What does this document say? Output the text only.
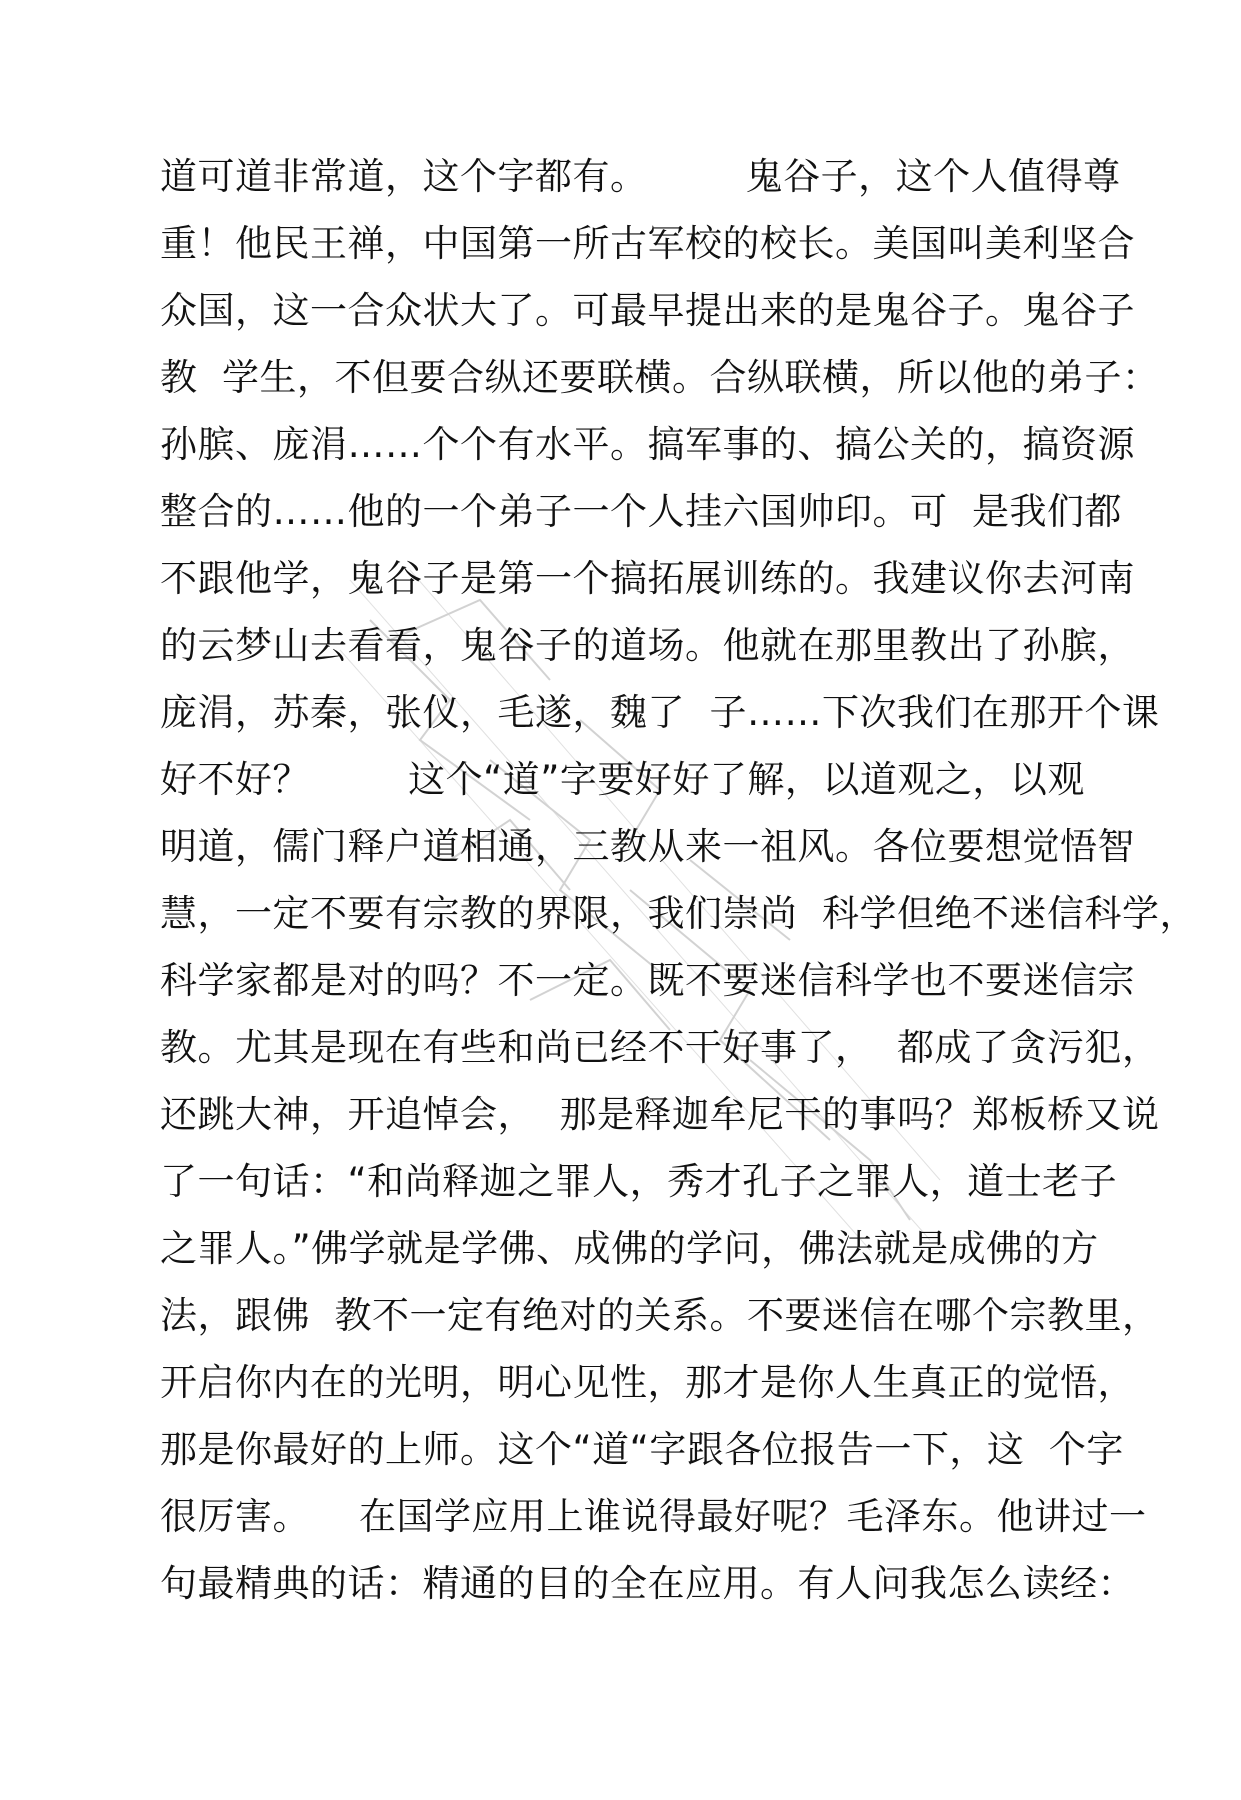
道可道非常道，这个字都有。        鬼谷子，这个人值得尊
重！他民王禅，中国第一所古军校的校长。美国叫美利坚合
众国，这一合众状大了。可最早提出来的是鬼谷子。鬼谷子
教  学生，不但要合纵还要联横。合纵联横，所以他的弟子：
孙膑、庞涓……个个有水平。搞军事的、搞公关的，搞资源
整合的……他的一个弟子一个人挂六国帅印。可  是我们都
不跟他学，鬼谷子是第一个搞拓展训练的。我建议你去河南
的云梦山去看看，鬼谷子的道场。他就在那里教出了孙膑，
庞涓，苏秦，张仪，毛遂，魏了  子……下次我们在那开个课
好不好？        这个“道”字要好好了解，以道观之，以观
明道，儒门释户道相通，三教从来一祖风。各位要想觉悟智
慧，一定不要有宗教的界限，我们崇尚  科学但绝不迷信科学，
科学家都是对的吗？不一定。既不要迷信科学也不要迷信宗
教。尤其是现在有些和尚已经不干好事了，  都成了贪污犯，
还跳大神，开追悼会，  那是释迦牟尼干的事吗？郑板桥又说
了一句话：“和尚释迦之罪人，秀才孔子之罪人，道士老子
之罪人。”佛学就是学佛、成佛的学问，佛法就是成佛的方
法，跟佛  教不一定有绝对的关系。不要迷信在哪个宗教里，
开启你内在的光明，明心见性，那才是你人生真正的觉悟，
那是你最好的上师。这个“道“字跟各位报告一下，这  个字
很厉害。    在国学应用上谁说得最好呢？毛泽东。他讲过一
句最精典的话：精通的目的全在应用。有人问我怎么读经：
